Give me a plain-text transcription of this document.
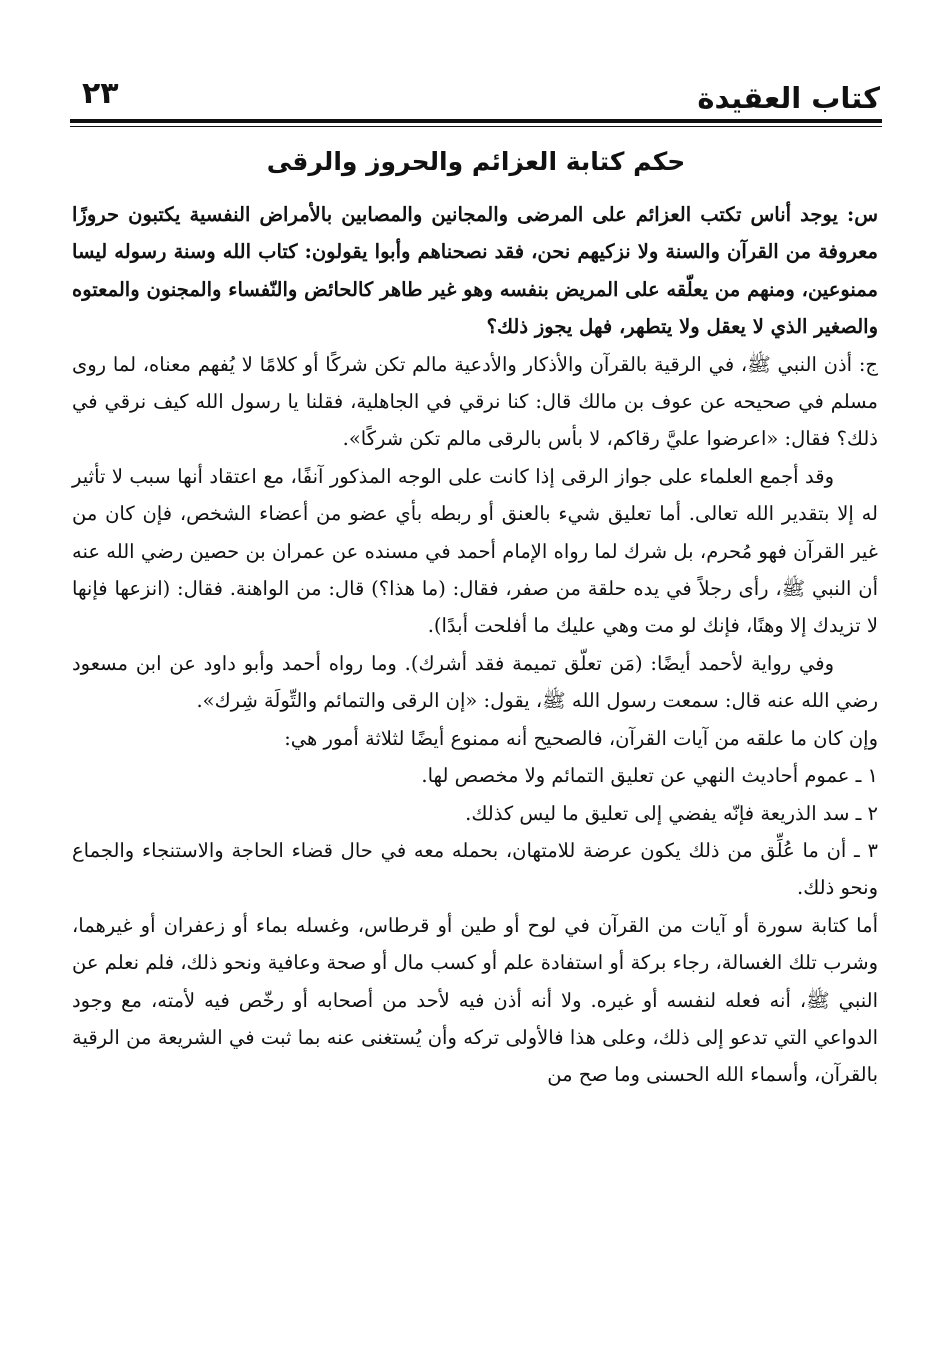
كتاب العقيدة
٢٣
حكم كتابة العزائم والحروز والرقى

س: يوجد أناس تكتب العزائم على المرضى والمجانين والمصابين بالأمراض النفسية يكتبون حروزًا معروفة من القرآن والسنة ولا نزكيهم نحن، فقد نصحناهم وأبوا يقولون: كتاب الله وسنة رسوله ليسا ممنوعين، ومنهم من يعلّقه على المريض بنفسه وهو غير طاهر كالحائض والنّفساء والمجنون والمعتوه والصغير الذي لا يعقل ولا يتطهر، فهل يجوز ذلك؟

ج: أذن النبي ﷺ، في الرقية بالقرآن والأذكار والأدعية مالم تكن شركًا أو كلامًا لا يُفهم معناه، لما روى مسلم في صحيحه عن عوف بن مالك قال: كنا نرقي في الجاهلية، فقلنا يا رسول الله كيف نرقي في ذلك؟ فقال: «اعرضوا عليَّ رقاكم، لا بأس بالرقى مالم تكن شركًا».

وقد أجمع العلماء على جواز الرقى إذا كانت على الوجه المذكور آنفًا، مع اعتقاد أنها سبب لا تأثير له إلا بتقدير الله تعالى. أما تعليق شيء بالعنق أو ربطه بأي عضو من أعضاء الشخص، فإن كان من غير القرآن فهو مُحرم، بل شرك لما رواه الإمام أحمد في مسنده عن عمران بن حصين رضي الله عنه أن النبي ﷺ، رأى رجلاً في يده حلقة من صفر، فقال: (ما هذا؟) قال: من الواهنة. فقال: (انزعها فإنها لا تزيدك إلا وهنًا، فإنك لو مت وهي عليك ما أفلحت أبدًا).

وفي رواية لأحمد أيضًا: (مَن تعلّق تميمة فقد أشرك). وما رواه أحمد وأبو داود عن ابن مسعود رضي الله عنه قال: سمعت رسول الله ﷺ، يقول: «إن الرقى والتمائم والتِّولَة شِرك».

وإن كان ما علقه من آيات القرآن، فالصحيح أنه ممنوع أيضًا لثلاثة أمور هي:

١ ـ عموم أحاديث النهي عن تعليق التمائم ولا مخصص لها.

٢ ـ سد الذريعة فإنّه يفضي إلى تعليق ما ليس كذلك.

٣ ـ أن ما عُلِّق من ذلك يكون عرضة للامتهان، بحمله معه في حال قضاء الحاجة والاستنجاء والجماع ونحو ذلك.

أما كتابة سورة أو آيات من القرآن في لوح أو طين أو قرطاس، وغسله بماء أو زعفران أو غيرهما، وشرب تلك الغسالة، رجاء بركة أو استفادة علم أو كسب مال أو صحة وعافية ونحو ذلك، فلم نعلم عن النبي ﷺ، أنه فعله لنفسه أو غيره. ولا أنه أذن فيه لأحد من أصحابه أو رخّص فيه لأمته، مع وجود الدواعي التي تدعو إلى ذلك، وعلى هذا فالأولى تركه وأن يُستغنى عنه بما ثبت في الشريعة من الرقية بالقرآن، وأسماء الله الحسنى وما صح من
